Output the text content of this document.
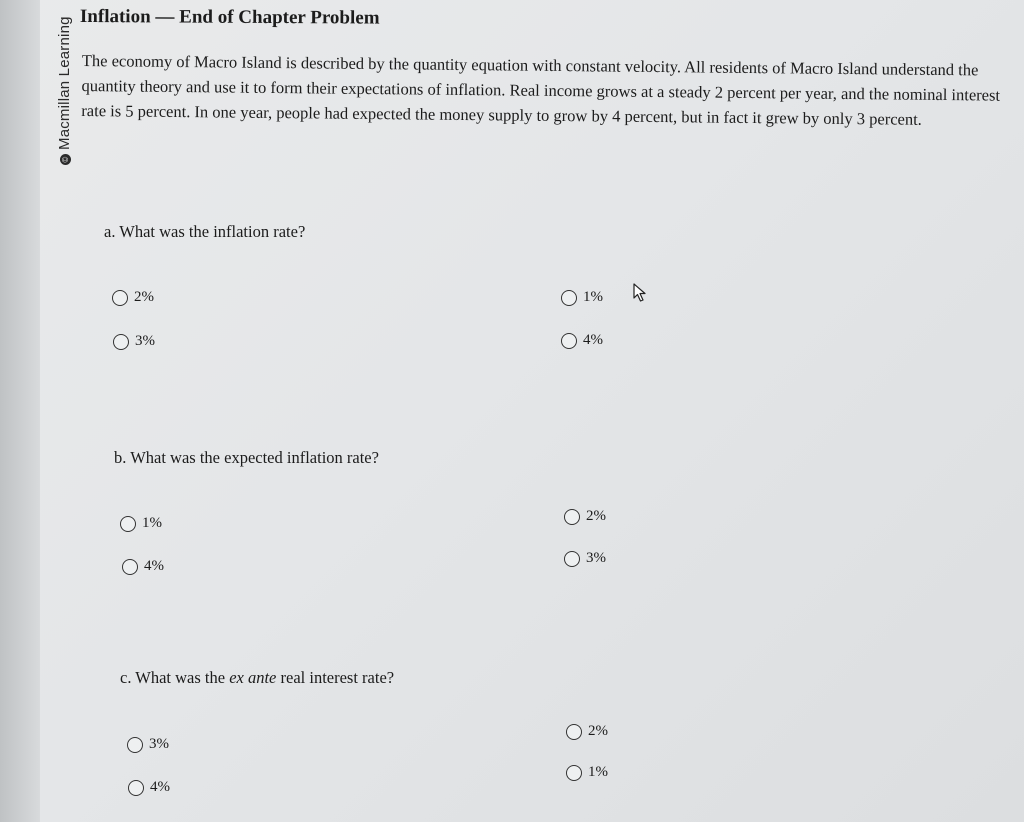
©Macmillan Learning Inflation — End of Chapter Problem
The economy of Macro Island is described by the quantity equation with constant velocity. All residents of Macro Island understand the quantity theory and use it to form their expectations of inflation. Real income grows at a steady 2 percent per year, and the nominal interest rate is 5 percent. In one year, people had expected the money supply to grow by 4 percent, but in fact it grew by only 3 percent.
a. What was the inflation rate?
2%	1%
3%	4%
b. What was the expected inflation rate?
1%	2%
4%	3%
c. What was the ex ante real interest rate?
2%
3%
1%
4%
